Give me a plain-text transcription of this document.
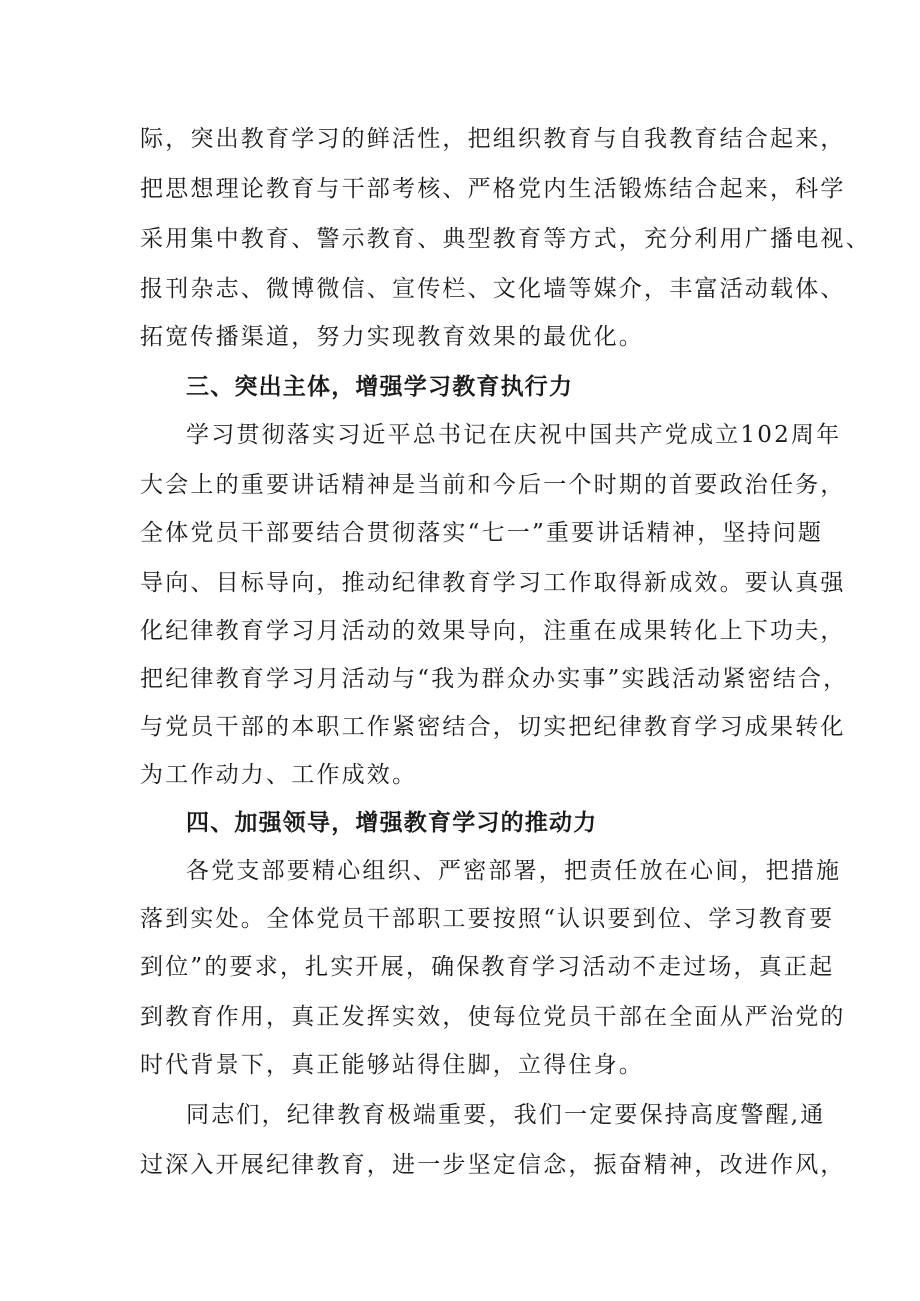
际，突出教育学习的鲜活性，把组织教育与自我教育结合起来，
把思想理论教育与干部考核、严格党内生活锻炼结合起来，科学
采用集中教育、警示教育、典型教育等方式，充分利用广播电视、
报刊杂志、微博微信、宣传栏、文化墙等媒介，丰富活动载体、
拓宽传播渠道，努力实现教育效果的最优化。
三、突出主体，增强学习教育执行力
学习贯彻落实习近平总书记在庆祝中国共产党成立102周年
大会上的重要讲话精神是当前和今后一个时期的首要政治任务，
全体党员干部要结合贯彻落实“七一”重要讲话精神，坚持问题
导向、目标导向，推动纪律教育学习工作取得新成效。要认真强
化纪律教育学习月活动的效果导向，注重在成果转化上下功夫，
把纪律教育学习月活动与“我为群众办实事”实践活动紧密结合，
与党员干部的本职工作紧密结合，切实把纪律教育学习成果转化
为工作动力、工作成效。
四、加强领导，增强教育学习的推动力
各党支部要精心组织、严密部署，把责任放在心间，把措施
落到实处。全体党员干部职工要按照“认识要到位、学习教育要
到位”的要求，扎实开展，确保教育学习活动不走过场，真正起
到教育作用，真正发挥实效，使每位党员干部在全面从严治党的
时代背景下，真正能够站得住脚，立得住身。
同志们，纪律教育极端重要，我们一定要保持高度警醒,通
过深入开展纪律教育，进一步坚定信念，振奋精神，改进作风，
